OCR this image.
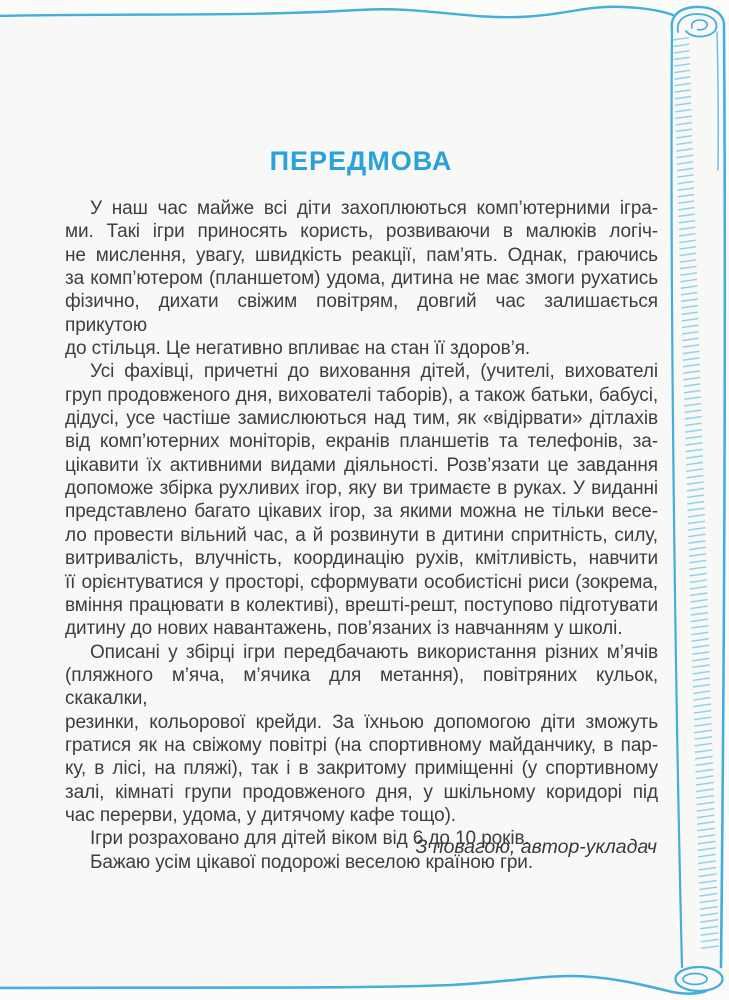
ПЕРЕДМОВА
У наш час майже всі діти захоплюються комп’ютерними ігра-
ми. Такі ігри приносять користь, розвиваючи в малюків логіч-
не мислення, увагу, швидкість реакції, пам’ять. Однак, граючись
за комп’ютером (планшетом) удома, дитина не має змоги рухатись
фізично, дихати свіжим повітрям, довгий час залишається прикутою
до стільця. Це негативно впливає на стан її здоров’я.
Усі фахівці, причетні до виховання дітей, (учителі, вихователі
груп продовженого дня, вихователі таборів), а також батьки, бабусі,
дідусі, усе частіше замислюються над тим, як «відірвати» дітлахів
від комп’ютерних моніторів, екранів планшетів та телефонів, за-
цікавити їх активними видами діяльності. Розв’язати це завдання
допоможе збірка рухливих ігор, яку ви тримаєте в руках. У виданні
представлено багато цікавих ігор, за якими можна не тільки весе-
ло провести вільний час, а й розвинути в дитини спритність, силу,
витривалість, влучність, координацію рухів, кмітливість, навчити
її орієнтуватися у просторі, сформувати особистісні риси (зокрема,
вміння працювати в колективі), врешті-решт, поступово підготувати
дитину до нових навантажень, пов’язаних із навчанням у школі.
Описані у збірці ігри передбачають використання різних м’ячів
(пляжного м’яча, м’ячика для метання), повітряних кульок, скакалки,
резинки, кольорової крейди. За їхньою допомогою діти зможуть
гратися як на свіжому повітрі (на спортивному майданчику, в пар-
ку, в лісі, на пляжі), так і в закритому приміщенні (у спортивному
залі, кімнаті групи продовженого дня, у шкільному коридорі під
час перерви, удома, у дитячому кафе тощо).
Ігри розраховано для дітей віком від 6 до 10 років.
Бажаю усім цікавої подорожі веселою країною гри.
З повагою, автор-укладач
